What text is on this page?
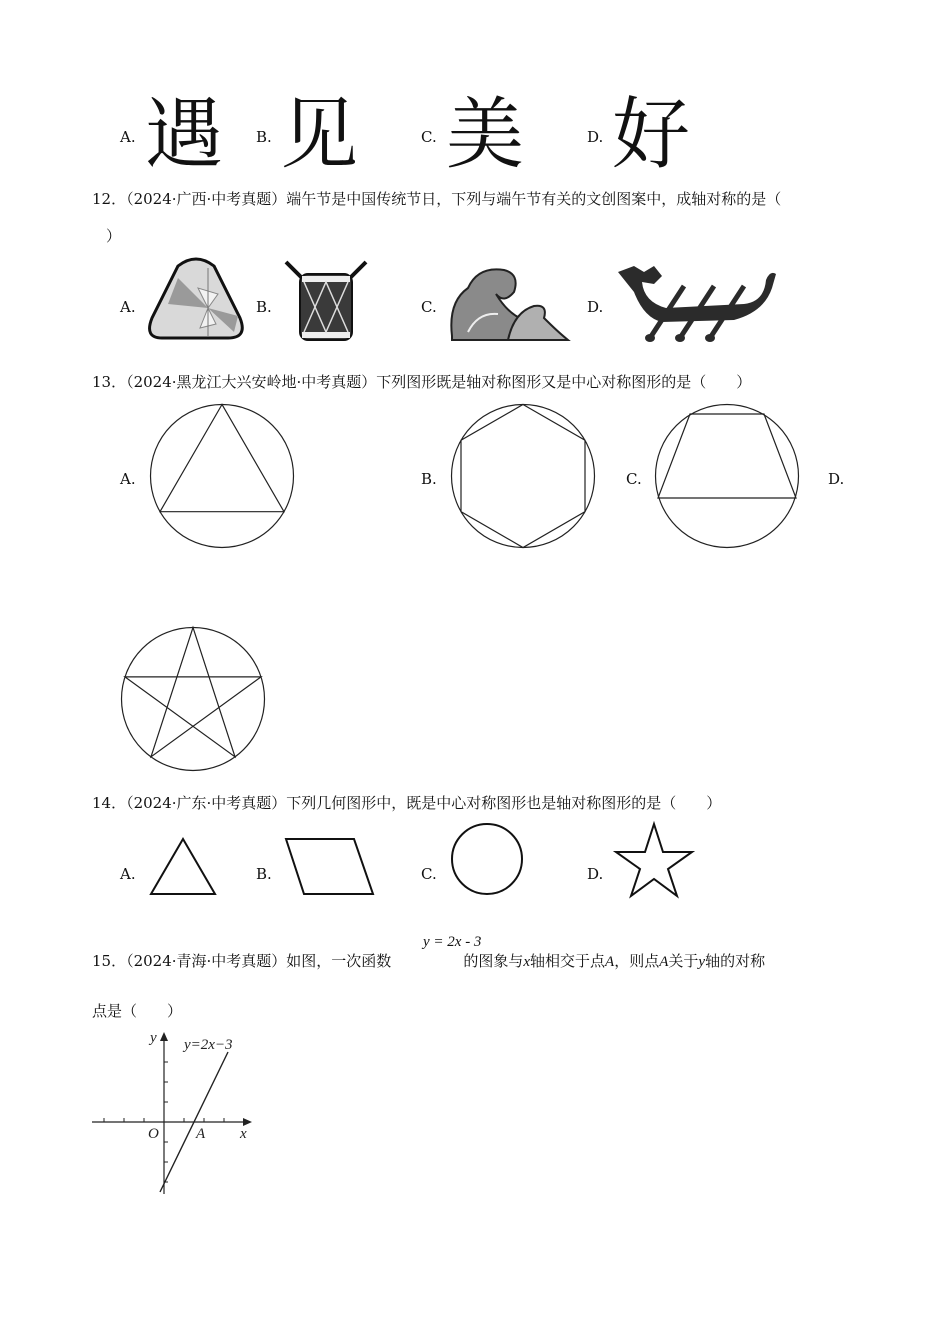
A. 遇 B. 见	C. 美	D. 好
12．（2024·广西·中考真题）端午节是中国传统节日，下列与端午节有关的文创图案中，成轴对称的是（
）
A.	B.	C.	D.
13．（2024·黑龙江大兴安岭地·中考真题）下列图形既是轴对称图形又是中心对称图形的是（　　）
A.	B.	C.	D.
14．（2024·广东·中考真题）下列几何图形中，既是中心对称图形也是轴对称图形的是（　　）
A.	B.	C.	D.
y = 2x - 3
15．（2024·青海·中考真题）如图，一次函数	的图象与x轴相交于点A，则点A关于y轴的对称
点是（　　）
y=2x−3
x
y
O A
